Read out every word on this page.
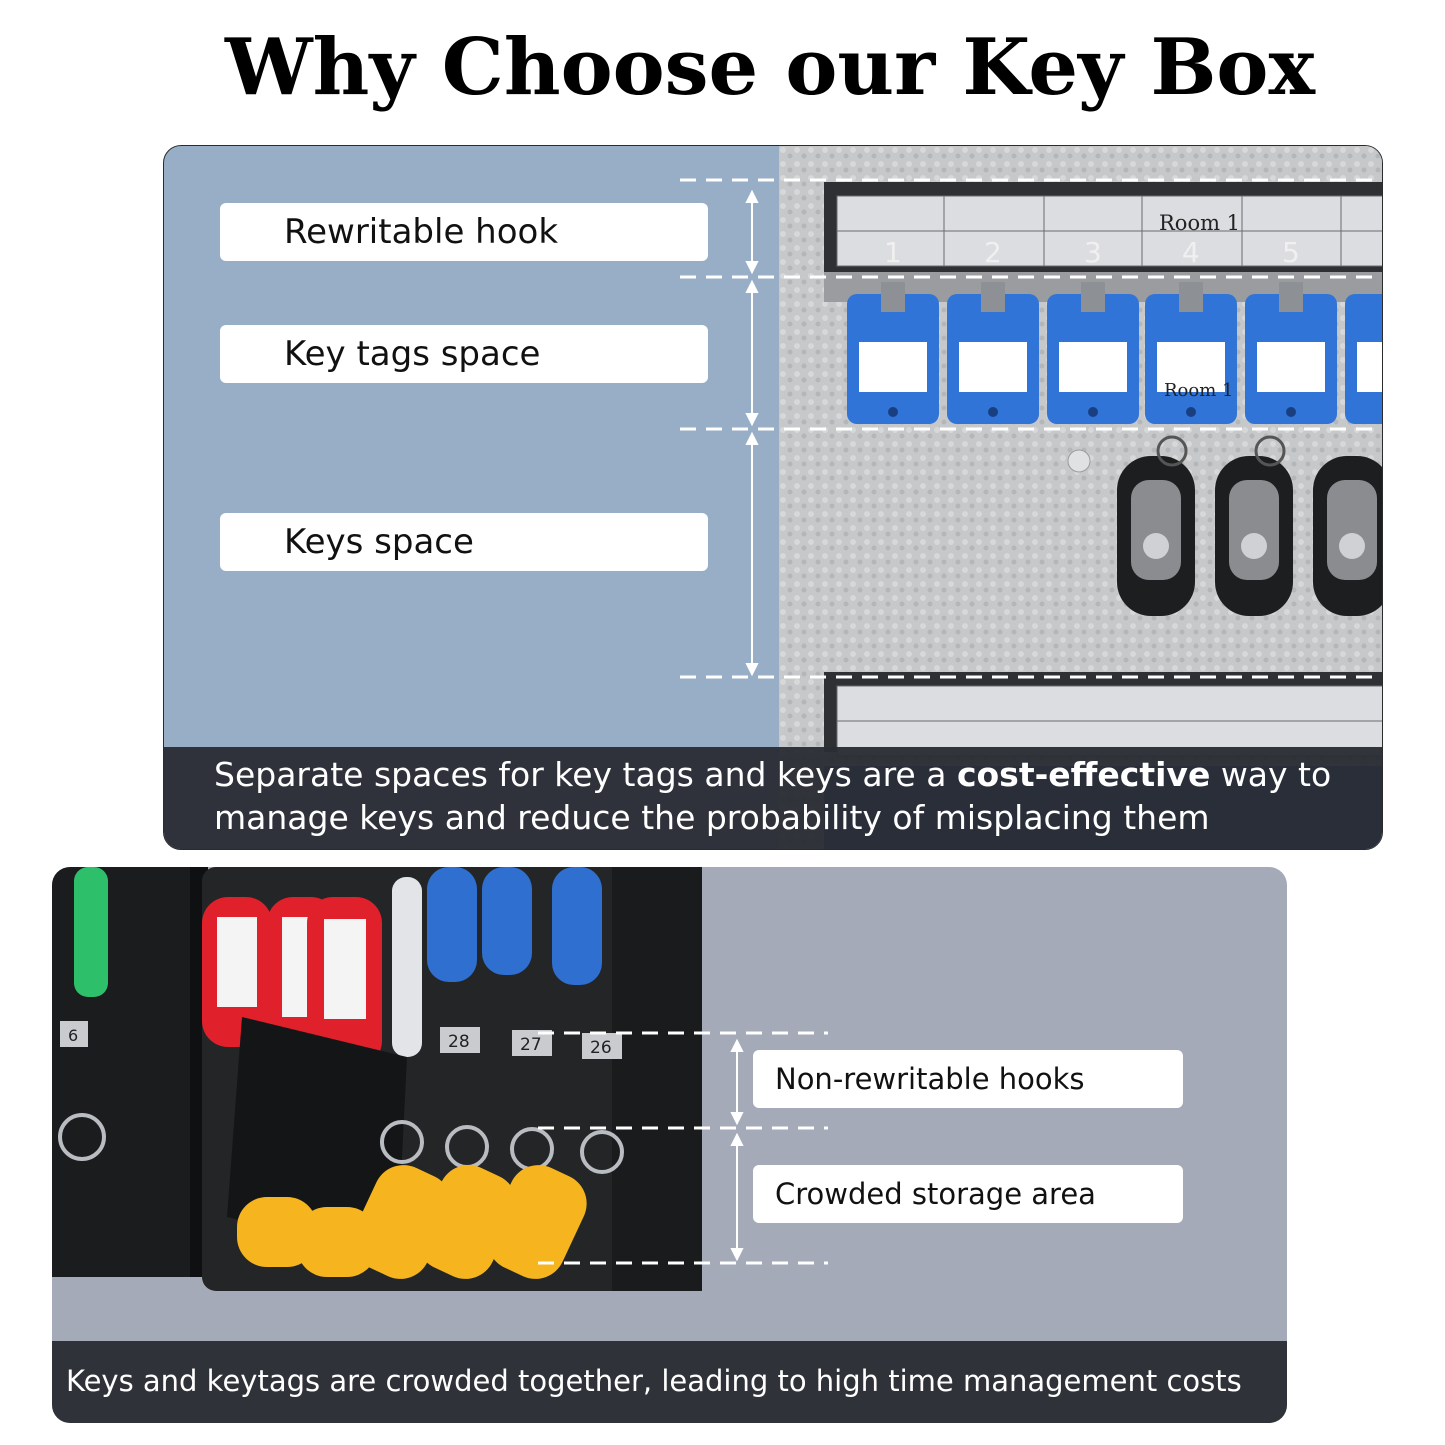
Why Choose our Key Box
Room 1
1	2	3	4	5
Room 1
Rewritable hook
Key tags space
Keys space

Separate spaces for key tags and keys are a cost-effective way to manage keys and reduce the probability of misplacing them

6	28	27	26
Non-rewritable hooks
Crowded storage area

Keys and keytags are crowded together, leading to high time management costs
